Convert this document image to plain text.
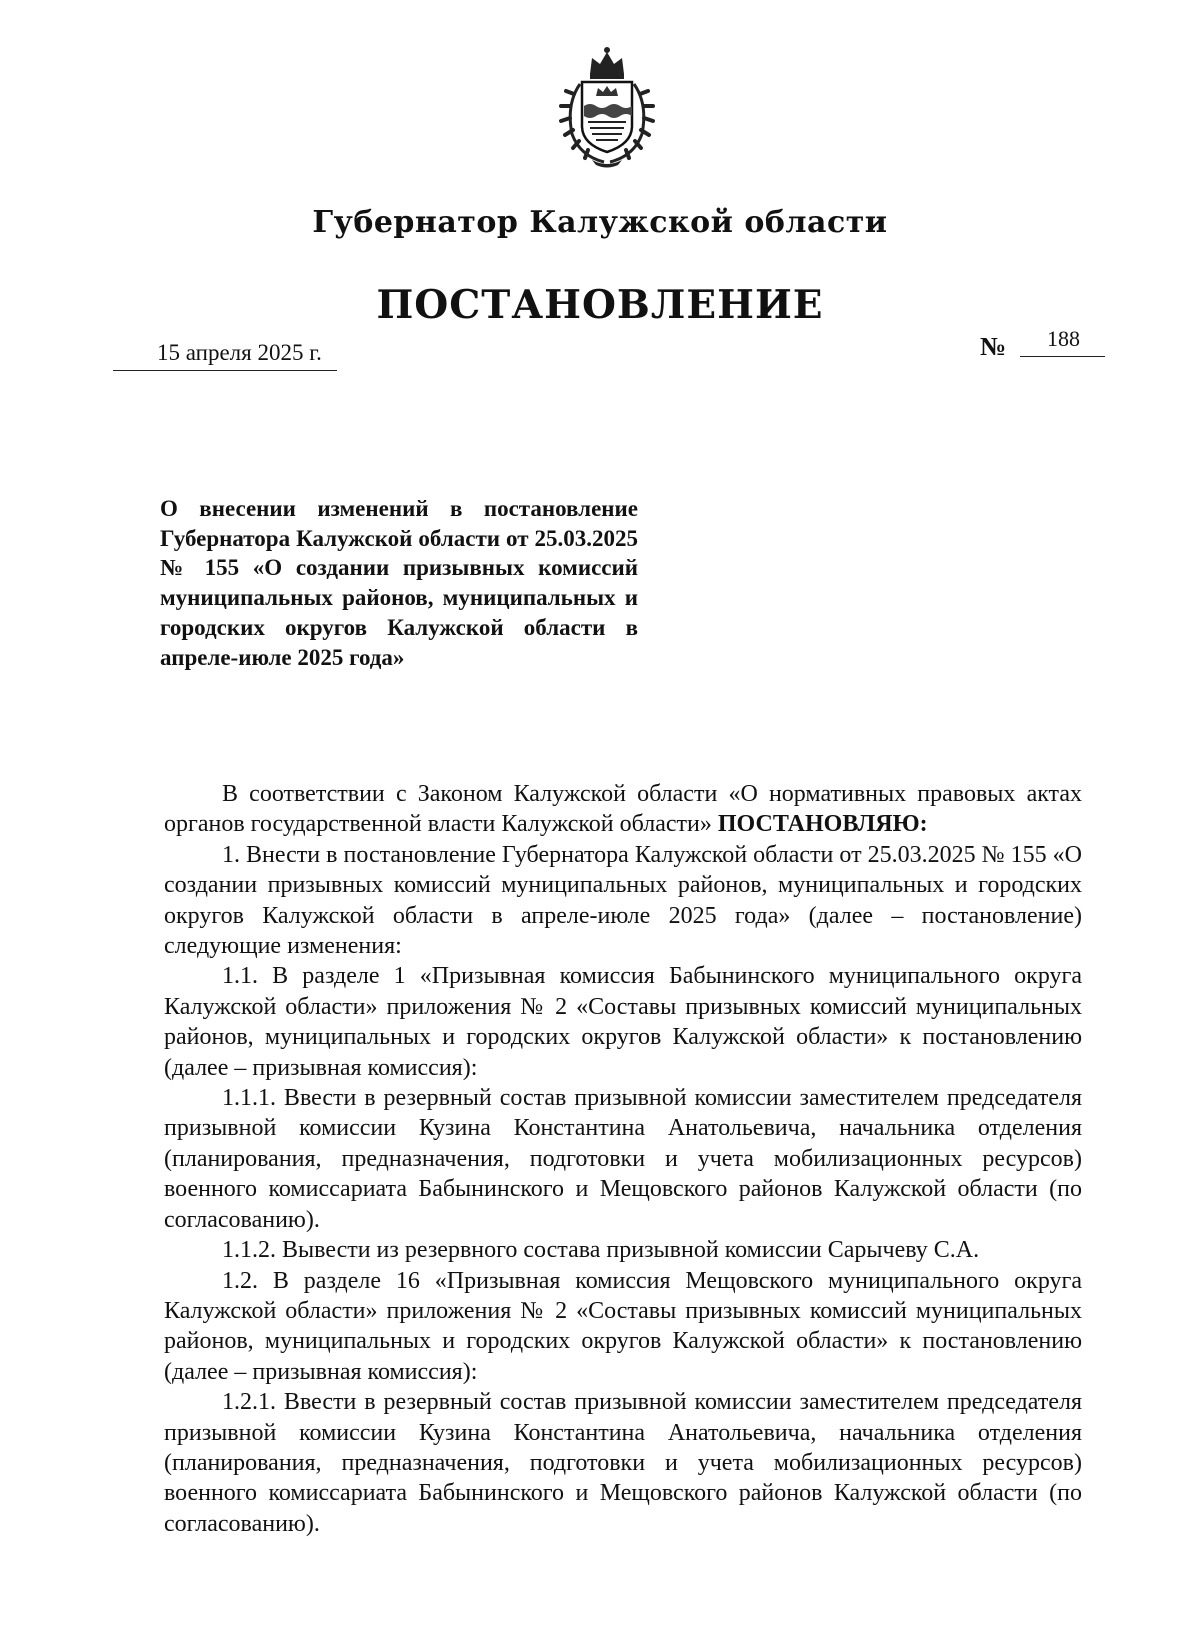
Губернатор Калужской области
ПОСТАНОВЛЕНИЕ
15 апреля 2025 г.	№ 188
О внесении изменений в постановление Губернатора Калужской области от 25.03.2025 № 155 «О создании призывных комиссий муниципальных районов, муниципальных и городских округов Калужской области в апреле-июле 2025 года»

В соответствии с Законом Калужской области «О нормативных правовых актах органов государственной власти Калужской области» ПОСТАНОВЛЯЮ:

1. Внести в постановление Губернатора Калужской области от 25.03.2025 № 155 «О создании призывных комиссий муниципальных районов, муниципальных и городских округов Калужской области в апреле-июле 2025 года» (далее – постановление) следующие изменения:

1.1. В разделе 1 «Призывная комиссия Бабынинского муниципального округа Калужской области» приложения № 2 «Составы призывных комиссий муниципальных районов, муниципальных и городских округов Калужской области» к постановлению (далее – призывная комиссия):

1.1.1. Ввести в резервный состав призывной комиссии заместителем председателя призывной комиссии Кузина Константина Анатольевича, начальника отделения (планирования, предназначения, подготовки и учета мобилизационных ресурсов) военного комиссариата Бабынинского и Мещовского районов Калужской области (по согласованию).

1.1.2. Вывести из резервного состава призывной комиссии Сарычеву С.А.

1.2. В разделе 16 «Призывная комиссия Мещовского муниципального округа Калужской области» приложения № 2 «Составы призывных комиссий муниципальных районов, муниципальных и городских округов Калужской области» к постановлению (далее – призывная комиссия):

1.2.1. Ввести в резервный состав призывной комиссии заместителем председателя призывной комиссии Кузина Константина Анатольевича, начальника отделения (планирования, предназначения, подготовки и учета мобилизационных ресурсов) военного комиссариата Бабынинского и Мещовского районов Калужской области (по согласованию).
